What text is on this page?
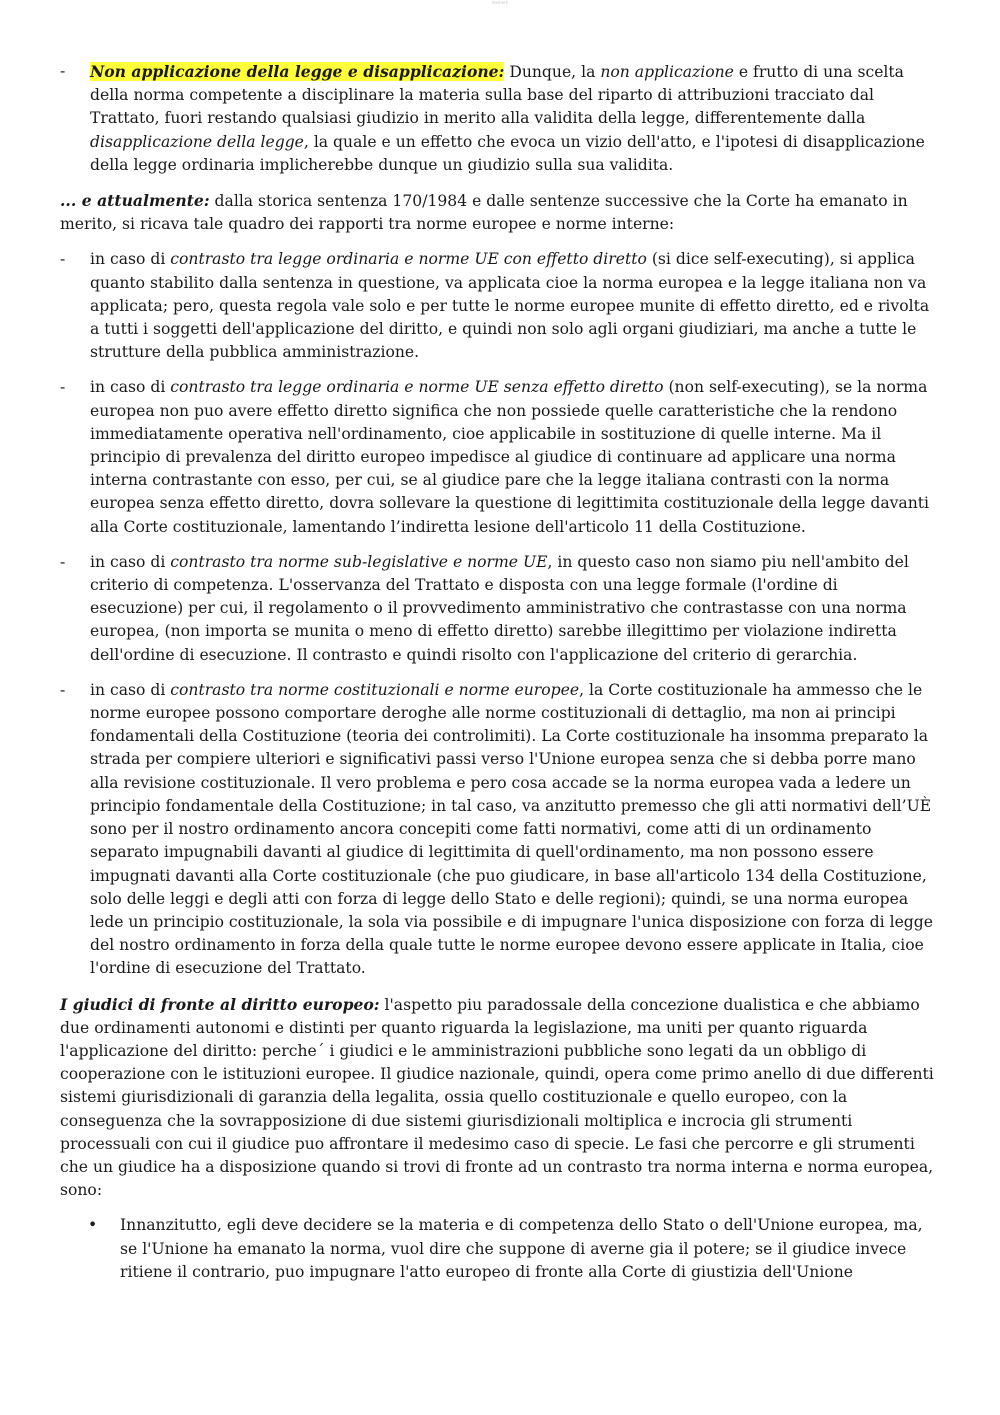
lexmark

- Non applicazione della legge e disapplicazione: Dunque, la non applicazione e frutto di una scelta della norma competente a disciplinare la materia sulla base del riparto di attribuzioni tracciato dal Trattato, fuori restando qualsiasi giudizio in merito alla validita della legge, differentemente dalla disapplicazione della legge, la quale e un effetto che evoca un vizio dell'atto, e l'ipotesi di disapplicazione della legge ordinaria implicherebbe dunque un giudizio sulla sua validita.

... e attualmente: dalla storica sentenza 170/1984 e dalle sentenze successive che la Corte ha emanato in merito, si ricava tale quadro dei rapporti tra norme europee e norme interne:

- in caso di contrasto tra legge ordinaria e norme UE con effetto diretto (si dice self-executing), si applica quanto stabilito dalla sentenza in questione, va applicata cioe la norma europea e la legge italiana non va applicata; pero, questa regola vale solo e per tutte le norme europee munite di effetto diretto, ed e rivolta a tutti i soggetti dell'applicazione del diritto, e quindi non solo agli organi giudiziari, ma anche a tutte le strutture della pubblica amministrazione.

- in caso di contrasto tra legge ordinaria e norme UE senza effetto diretto (non self-executing), se la norma europea non puo avere effetto diretto significa che non possiede quelle caratteristiche che la rendono immediatamente operativa nell'ordinamento, cioe applicabile in sostituzione di quelle interne. Ma il principio di prevalenza del diritto europeo impedisce al giudice di continuare ad applicare una norma interna contrastante con esso, per cui, se al giudice pare che la legge italiana contrasti con la norma europea senza effetto diretto, dovra sollevare la questione di legittimita costituzionale della legge davanti alla Corte costituzionale, lamentando l’indiretta lesione dell'articolo 11 della Costituzione.

- in caso di contrasto tra norme sub-legislative e norme UE, in questo caso non siamo piu nell'ambito del criterio di competenza. L'osservanza del Trattato e disposta con una legge formale (l'ordine di esecuzione) per cui, il regolamento o il provvedimento amministrativo che contrastasse con una norma europea, (non importa se munita o meno di effetto diretto) sarebbe illegittimo per violazione indiretta dell'ordine di esecuzione. Il contrasto e quindi risolto con l'applicazione del criterio di gerarchia.

- in caso di contrasto tra norme costituzionali e norme europee, la Corte costituzionale ha ammesso che le norme europee possono comportare deroghe alle norme costituzionali di dettaglio, ma non ai principi fondamentali della Costituzione (teoria dei controlimiti). La Corte costituzionale ha insomma preparato la strada per compiere ulteriori e significativi passi verso l'Unione europea senza che si debba porre mano alla revisione costituzionale. Il vero problema e pero cosa accade se la norma europea vada a ledere un principio fondamentale della Costituzione; in tal caso, va anzitutto premesso che gli atti normativi dell’UÈ sono per il nostro ordinamento ancora concepiti come fatti normativi, come atti di un ordinamento separato impugnabili davanti al giudice di legittimita di quell'ordinamento, ma non possono essere impugnati davanti alla Corte costituzionale (che puo giudicare, in base all'articolo 134 della Costituzione, solo delle leggi e degli atti con forza di legge dello Stato e delle regioni); quindi, se una norma europea lede un principio costituzionale, la sola via possibile e di impugnare l'unica disposizione con forza di legge del nostro ordinamento in forza della quale tutte le norme europee devono essere applicate in Italia, cioe l'ordine di esecuzione del Trattato.

I giudici di fronte al diritto europeo: l'aspetto piu paradossale della concezione dualistica e che abbiamo due ordinamenti autonomi e distinti per quanto riguarda la legislazione, ma uniti per quanto riguarda l'applicazione del diritto: perche´ i giudici e le amministrazioni pubbliche sono legati da un obbligo di cooperazione con le istituzioni europee. Il giudice nazionale, quindi, opera come primo anello di due differenti sistemi giurisdizionali di garanzia della legalita, ossia quello costituzionale e quello europeo, con la conseguenza che la sovrapposizione di due sistemi giurisdizionali moltiplica e incrocia gli strumenti processuali con cui il giudice puo affrontare il medesimo caso di specie. Le fasi che percorre e gli strumenti che un giudice ha a disposizione quando si trovi di fronte ad un contrasto tra norma interna e norma europea, sono:

• Innanzitutto, egli deve decidere se la materia e di competenza dello Stato o dell'Unione europea, ma, se l'Unione ha emanato la norma, vuol dire che suppone di averne gia il potere; se il giudice invece ritiene il contrario, puo impugnare l'atto europeo di fronte alla Corte di giustizia dell'Unione
